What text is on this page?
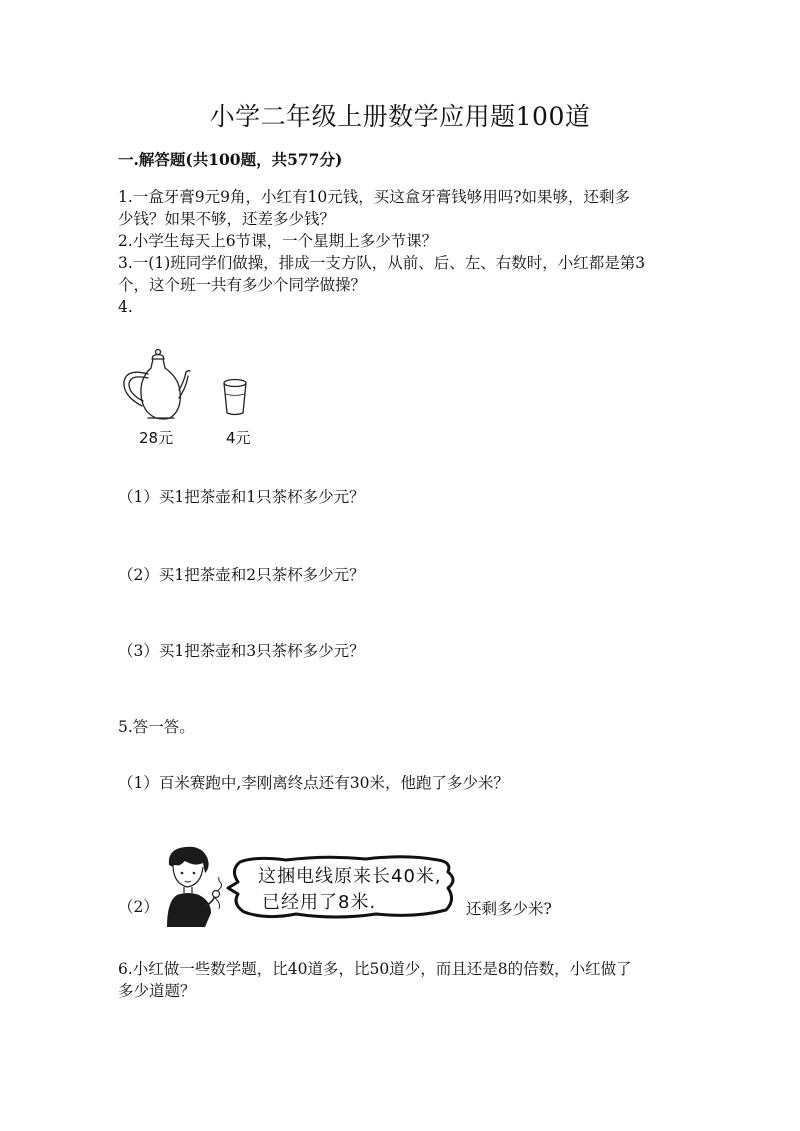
小学二年级上册数学应用题100道
一.解答题(共100题，共577分)
1.一盒牙膏9元9角，小红有10元钱，买这盒牙膏钱够用吗?如果够，还剩多
少钱？如果不够，还差多少钱？
2.小学生每天上6节课，一个星期上多少节课？
3.一(1)班同学们做操，排成一支方队，从前、后、左、右数时，小红都是第3
个，这个班一共有多少个同学做操？
4.
28元	4元
（1）买1把茶壶和1只茶杯多少元？
（2）买1把茶壶和2只茶杯多少元？
（3）买1把茶壶和3只茶杯多少元？
5.答一答。
（1）百米赛跑中,李刚离终点还有30米，他跑了多少米？
（2）
这捆电线原来长40米,
已经用了8米.	还剩多少米?
6.小红做一些数学题，比40道多，比50道少，而且还是8的倍数，小红做了
多少道题？
